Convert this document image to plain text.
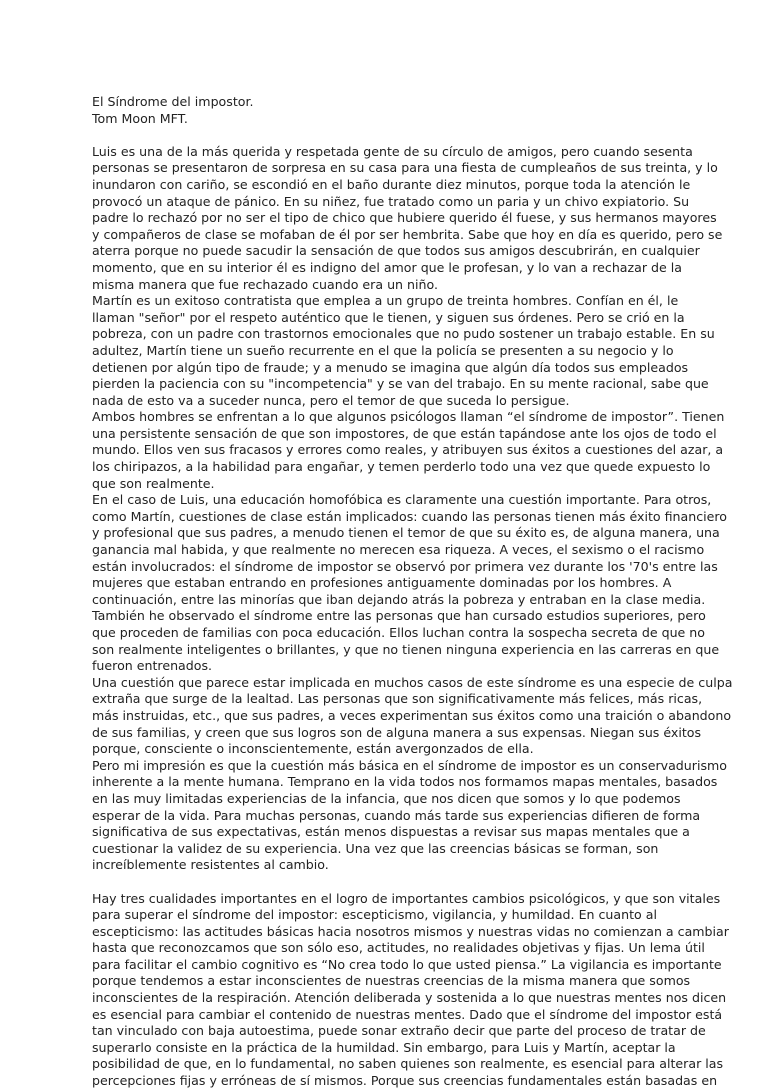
El Síndrome del impostor.
Tom Moon MFT.
Luis es una de la más querida y respetada gente de su círculo de amigos, pero cuando sesenta
personas se presentaron de sorpresa en su casa para una fiesta de cumpleaños de sus treinta, y lo
inundaron con cariño, se escondió en el baño durante diez minutos, porque toda la atención le
provocó un ataque de pánico. En su niñez, fue tratado como un paria y un chivo expiatorio. Su
padre lo rechazó por no ser el tipo de chico que hubiere querido él fuese, y sus hermanos mayores
y compañeros de clase se mofaban de él por ser hembrita. Sabe que hoy en día es querido, pero se
aterra porque no puede sacudir la sensación de que todos sus amigos descubrirán, en cualquier
momento, que en su interior él es indigno del amor que le profesan, y lo van a rechazar de la
misma manera que fue rechazado cuando era un niño.
Martín es un exitoso contratista que emplea a un grupo de treinta hombres. Confían en él, le
llaman "señor" por el respeto auténtico que le tienen, y siguen sus órdenes. Pero se crió en la
pobreza, con un padre con trastornos emocionales que no pudo sostener un trabajo estable. En su
adultez, Martín tiene un sueño recurrente en el que la policía se presenten a su negocio y lo
detienen por algún tipo de fraude; y a menudo se imagina que algún día todos sus empleados
pierden la paciencia con su "incompetencia" y se van del trabajo. En su mente racional, sabe que
nada de esto va a suceder nunca, pero el temor de que suceda lo persigue.
Ambos hombres se enfrentan a lo que algunos psicólogos llaman “el síndrome de impostor”. Tienen
una persistente sensación de que son impostores, de que están tapándose ante los ojos de todo el
mundo. Ellos ven sus fracasos y errores como reales, y atribuyen sus éxitos a cuestiones del azar, a
los chiripazos, a la habilidad para engañar, y temen perderlo todo una vez que quede expuesto lo
que son realmente.
En el caso de Luis, una educación homofóbica es claramente una cuestión importante. Para otros,
como Martín, cuestiones de clase están implicados: cuando las personas tienen más éxito financiero
y profesional que sus padres, a menudo tienen el temor de que su éxito es, de alguna manera, una
ganancia mal habida, y que realmente no merecen esa riqueza. A veces, el sexismo o el racismo
están involucrados: el síndrome de impostor se observó por primera vez durante los '70's entre las
mujeres que estaban entrando en profesiones antiguamente dominadas por los hombres. A
continuación, entre las minorías que iban dejando atrás la pobreza y entraban en la clase media.
También he observado el síndrome entre las personas que han cursado estudios superiores, pero
que proceden de familias con poca educación. Ellos luchan contra la sospecha secreta de que no
son realmente inteligentes o brillantes, y que no tienen ninguna experiencia en las carreras en que
fueron entrenados.
Una cuestión que parece estar implicada en muchos casos de este síndrome es una especie de culpa
extraña que surge de la lealtad. Las personas que son significativamente más felices, más ricas,
más instruidas, etc., que sus padres, a veces experimentan sus éxitos como una traición o abandono
de sus familias, y creen que sus logros son de alguna manera a sus expensas. Niegan sus éxitos
porque, consciente o inconscientemente, están avergonzados de ella.
Pero mi impresión es que la cuestión más básica en el síndrome de impostor es un conservadurismo
inherente a la mente humana. Temprano en la vida todos nos formamos mapas mentales, basados
en las muy limitadas experiencias de la infancia, que nos dicen que somos y lo que podemos
esperar de la vida. Para muchas personas, cuando más tarde sus experiencias difieren de forma
significativa de sus expectativas, están menos dispuestas a revisar sus mapas mentales que a
cuestionar la validez de su experiencia. Una vez que las creencias básicas se forman, son
increíblemente resistentes al cambio.
Hay tres cualidades importantes en el logro de importantes cambios psicológicos, y que son vitales
para superar el síndrome del impostor: escepticismo, vigilancia, y humildad. En cuanto al
escepticismo: las actitudes básicas hacia nosotros mismos y nuestras vidas no comienzan a cambiar
hasta que reconozcamos que son sólo eso, actitudes, no realidades objetivas y fijas. Un lema útil
para facilitar el cambio cognitivo es “No crea todo lo que usted piensa.” La vigilancia es importante
porque tendemos a estar inconscientes de nuestras creencias de la misma manera que somos
inconscientes de la respiración. Atención deliberada y sostenida a lo que nuestras mentes nos dicen
es esencial para cambiar el contenido de nuestras mentes. Dado que el síndrome del impostor está
tan vinculado con baja autoestima, puede sonar extraño decir que parte del proceso de tratar de
superarlo consiste en la práctica de la humildad. Sin embargo, para Luis y Martín, aceptar la
posibilidad de que, en lo fundamental, no saben quienes son realmente, es esencial para alterar las
percepciones fijas y erróneas de sí mismos. Porque sus creencias fundamentales están basadas en
